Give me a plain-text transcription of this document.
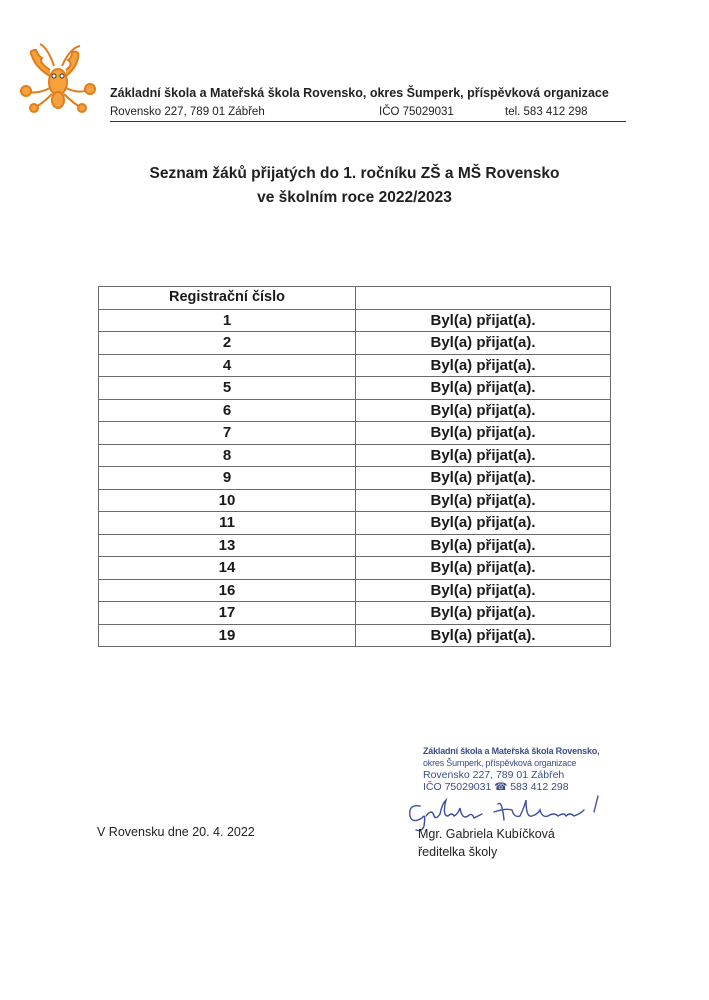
Základní škola a Mateřská škola Rovensko, okres Šumperk, příspěvková organizace
Rovensko 227, 789 01 Zábřeh	IČO 75029031	tel. 583 412 298
Seznam žáků přijatých do 1. ročníku ZŠ a MŠ Rovensko
ve školním roce 2022/2023
Registrační číslo	
1	Byl(a) přijat(a).
2	Byl(a) přijat(a).
4	Byl(a) přijat(a).
5	Byl(a) přijat(a).
6	Byl(a) přijat(a).
7	Byl(a) přijat(a).
8	Byl(a) přijat(a).
9	Byl(a) přijat(a).
10	Byl(a) přijat(a).
11	Byl(a) přijat(a).
13	Byl(a) přijat(a).
14	Byl(a) přijat(a).
16	Byl(a) přijat(a).
17	Byl(a) přijat(a).
19	Byl(a) přijat(a).
Základní škola a Mateřská škola Rovensko,
okres Šumperk, příspěvková organizace
Rovensko 227, 789 01 Zábřeh
IČO 75029031 ☎ 583 412 298
V Rovensku dne 20. 4. 2022	Mgr. Gabriela Kubíčková
ředitelka školy
